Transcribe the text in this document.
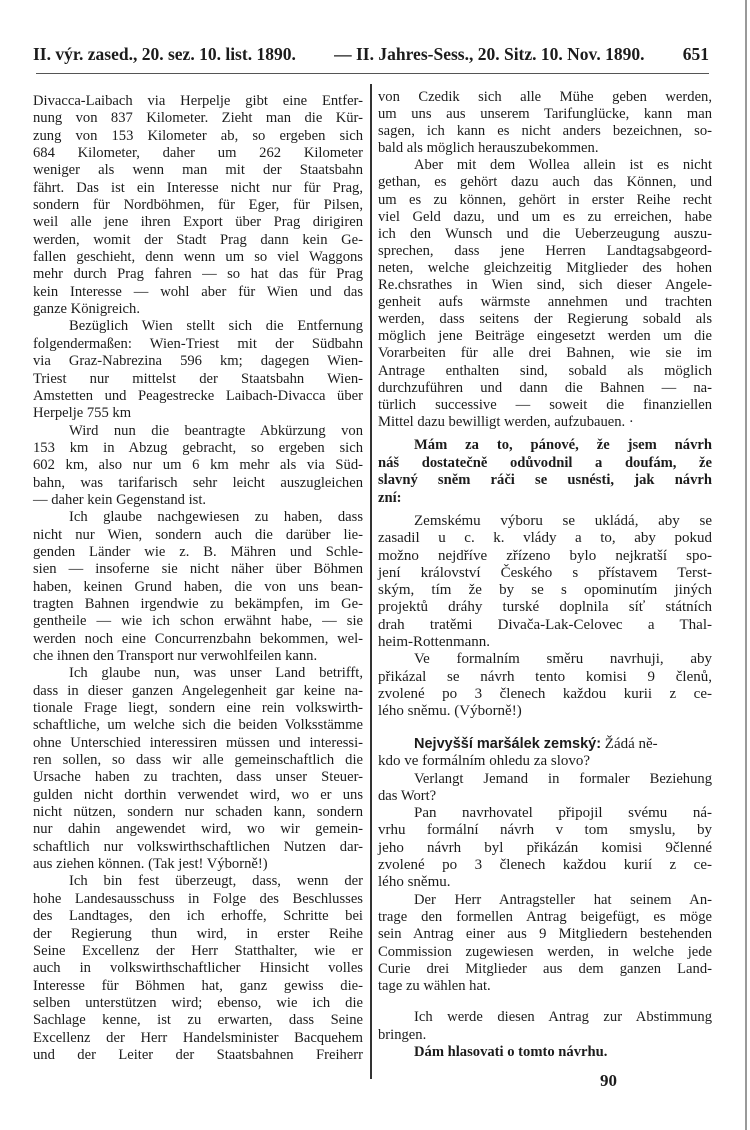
II. výr. zased., 20. sez. 10. list. 1890. — II. Jahres-Sess., 20. Sitz. 10. Nov. 1890. 651
Divacca-Laibach via Herpelje gibt eine Entfer-
nung von 837 Kilometer. Zieht man die Kür-
zung von 153 Kilometer ab, so ergeben sich
684 Kilometer, daher um 262 Kilometer
weniger als wenn man mit der Staatsbahn
fährt. Das ist ein Interesse nicht nur für Prag,
sondern für Nordböhmen, für Eger, für Pilsen,
weil alle jene ihren Export über Prag dirigiren
werden, womit der Stadt Prag dann kein Ge-
fallen geschieht, denn wenn um so viel Waggons
mehr durch Prag fahren — so hat das für Prag
kein Interesse — wohl aber für Wien und das
ganze Königreich.
Bezüglich Wien stellt sich die Entfernung
folgendermaßen: Wien-Triest mit der Südbahn
via Graz-Nabrezina 596 km; dagegen Wien-
Triest nur mittelst der Staatsbahn Wien-
Amstetten und Peagestrecke Laibach-Divacca über
Herpelje 755 km
Wird nun die beantragte Abkürzung von
153 km in Abzug gebracht, so ergeben sich
602 km, also nur um 6 km mehr als via Süd-
bahn, was tarifarisch sehr leicht auszugleichen
— daher kein Gegenstand ist.
Ich glaube nachgewiesen zu haben, dass
nicht nur Wien, sondern auch die darüber lie-
genden Länder wie z. B. Mähren und Schle-
sien — insoferne sie nicht näher über Böhmen
haben, keinen Grund haben, die von uns bean-
tragten Bahnen irgendwie zu bekämpfen, im Ge-
gentheile — wie ich schon erwähnt habe, — sie
werden noch eine Concurrenzbahn bekommen, wel-
che ihnen den Transport nur verwohlfeilen kann.
Ich glaube nun, was unser Land betrifft,
dass in dieser ganzen Angelegenheit gar keine na-
tionale Frage liegt, sondern eine rein volkswirth-
schaftliche, um welche sich die beiden Volksstämme
ohne Unterschied interessiren müssen und interessi-
ren sollen, so dass wir alle gemeinschaftlich die
Ursache haben zu trachten, dass unser Steuer-
gulden nicht dorthin verwendet wird, wo er uns
nicht nützen, sondern nur schaden kann, sondern
nur dahin angewendet wird, wo wir gemein-
schaftlich nur volkswirthschaftlichen Nutzen dar-
aus ziehen können. (Tak jest! Výborně!)
Ich bin fest überzeugt, dass, wenn der
hohe Landesausschuss in Folge des Beschlusses
des Landtages, den ich erhoffe, Schritte bei
der Regierung thun wird, in erster Reihe
Seine Excellenz der Herr Statthalter, wie er
auch in volkswirthschaftlicher Hinsicht volles
Interesse für Böhmen hat, ganz gewiss die-
selben unterstützen wird; ebenso, wie ich die
Sachlage kenne, ist zu erwarten, dass Seine
Excellenz der Herr Handelsminister Bacquehem
und der Leiter der Staatsbahnen Freiherr
von Czedik sich alle Mühe geben werden,
um uns aus unserem Tarifunglücke, kann man
sagen, ich kann es nicht anders bezeichnen, so-
bald als möglich herauszubekommen.
Aber mit dem Wollea allein ist es nicht
gethan, es gehört dazu auch das Können, und
um es zu können, gehört in erster Reihe recht
viel Geld dazu, und um es zu erreichen, habe
ich den Wunsch und die Ueberzeugung auszu-
sprechen, dass jene Herren Landtagsabgeord-
neten, welche gleichzeitig Mitglieder des hohen
Re.chsrathes in Wien sind, sich dieser Angele-
genheit aufs wärmste annehmen und trachten
werden, dass seitens der Regierung sobald als
möglich jene Beiträge eingesetzt werden um die
Vorarbeiten für alle drei Bahnen, wie sie im
Antrage enthalten sind, sobald als möglich
durchzuführen und dann die Bahnen — na-
türlich successive — soweit die finanziellen
Mittel dazu bewilligt werden, aufzubauen. ·
Mám za to, pánové, že jsem návrh
náš dostatečně odůvodnil a doufám, že
slavný sněm ráči se usnésti, jak návrh
zní:
Zemskému výboru se ukládá, aby se
zasadil u c. k. vlády a to, aby pokud
možno nejdříve zřízeno bylo nejkratší spo-
jení království Českého s přístavem Terst-
ským, tím že by se s opominutím jiných
projektů dráhy turské doplnila síť státních
drah tratěmi Divača-Lak-Celovec a Thal-
heim-Rottenmann.
Ve formalním směru navrhuji, aby
přikázal se návrh tento komisi 9 členů,
zvolené po 3 členech každou kurii z ce-
lého sněmu. (Výborně!)
Nejvyšší maršálek zemský: Žádá ně-
kdo ve formálním ohledu za slovo?
Verlangt Jemand in formaler Beziehung
das Wort?
Pan navrhovatel připojil svému ná-
vrhu formální návrh v tom smyslu, by
jeho návrh byl přikázán komisi 9členné
zvolené po 3 členech každou kurií z ce-
lého sněmu.
Der Herr Antragsteller hat seinem An-
trage den formellen Antrag beigefügt, es möge
sein Antrag einer aus 9 Mitgliedern bestehenden
Commission zugewiesen werden, in welche jede
Curie drei Mitglieder aus dem ganzen Land-
tage zu wählen hat.
Ich werde diesen Antrag zur Abstimmung
bringen.
Dám hlasovati o tomto návrhu.
90
